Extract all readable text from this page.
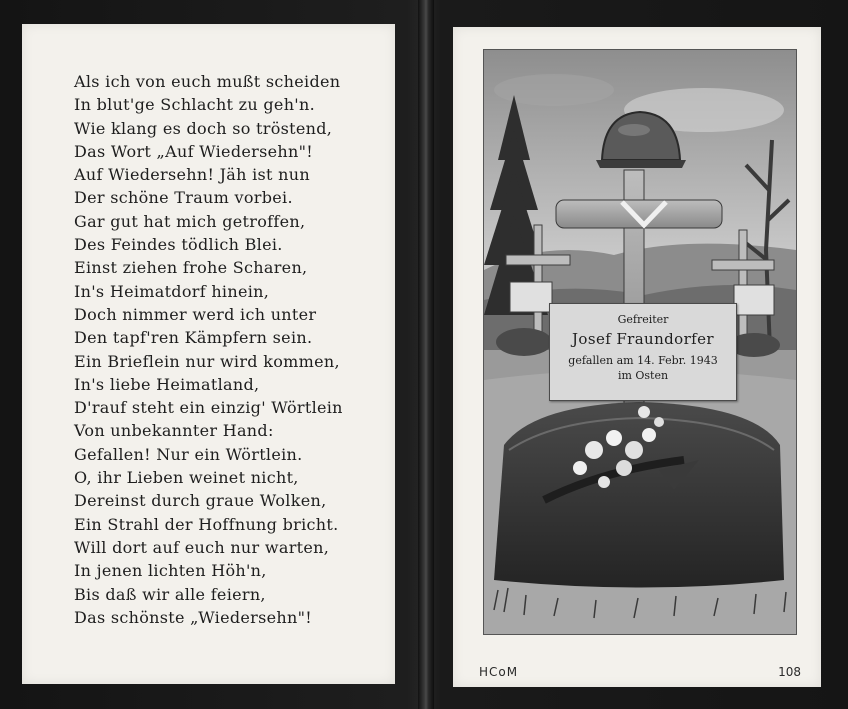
Als ich von euch mußt scheiden
In blut'ge Schlacht zu geh'n.
Wie klang es doch so tröstend,
Das Wort „Auf Wiedersehn"!
Auf Wiedersehn! Jäh ist nun
Der schöne Traum vorbei.
Gar gut hat mich getroffen,
Des Feindes tödlich Blei.
Einst ziehen frohe Scharen,
In's Heimatdorf hinein,
Doch nimmer werd ich unter
Den tapf'ren Kämpfern sein.
Ein Brieflein nur wird kommen,
In's liebe Heimatland,
D'rauf steht ein einzig' Wörtlein
Von unbekannter Hand:
Gefallen! Nur ein Wörtlein.
O, ihr Lieben weinet nicht,
Dereinst durch graue Wolken,
Ein Strahl der Hoffnung bricht.
Will dort auf euch nur warten,
In jenen lichten Höh'n,
Bis daß wir alle feiern,
Das schönste „Wiedersehn"!
Gefreiter
Josef Fraundorfer
gefallen am 14. Febr. 1943
im Osten
HCoM	108
